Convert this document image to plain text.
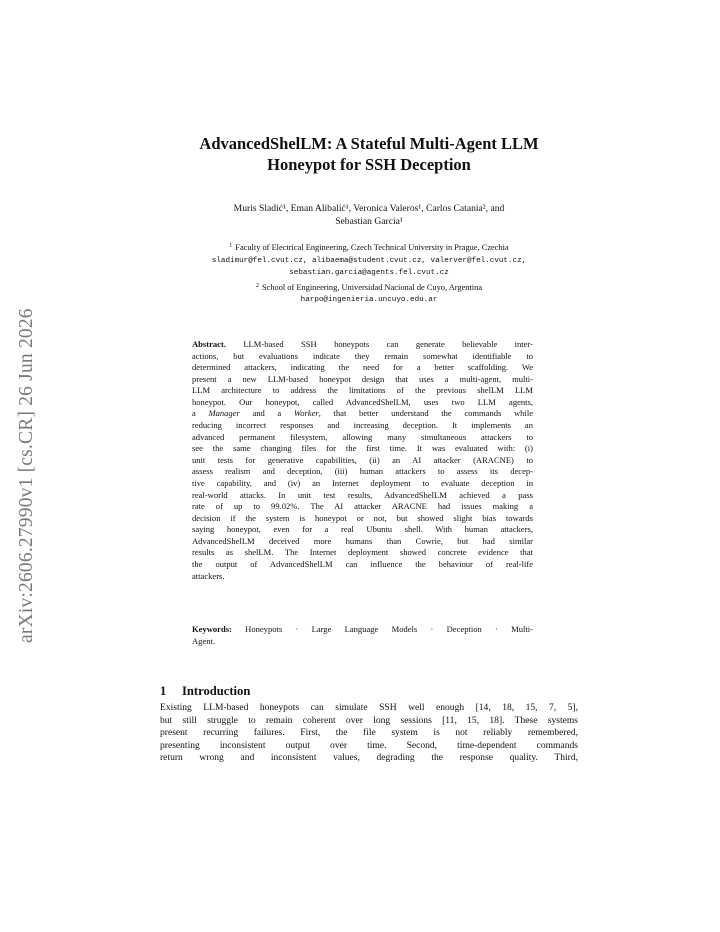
arXiv:2606.27990v1 [cs.CR] 26 Jun 2026
AdvancedShelLM: A Stateful Multi-Agent LLM
Honeypot for SSH Deception
Muris Sladić¹, Eman Alibalić¹, Veronica Valeros¹, Carlos Catania², and
Sebastian Garcia¹
$^1$ Faculty of Electrical Engineering, Czech Technical University in Prague, Czechia
sladimur@fel.cvut.cz, alibaema@student.cvut.cz, valerver@fel.cvut.cz,
sebastian.garcia@agents.fel.cvut.cz
$^2$ School of Engineering, Universidad Nacional de Cuyo, Argentina
harpo@ingenieria.uncuyo.edu.ar
Abstract. LLM-based SSH honeypots can generate believable inter-
actions, but evaluations indicate they remain somewhat identifiable to
determined attackers, indicating the need for a better scaffolding. We
present a new LLM-based honeypot design that uses a multi-agent, multi-
LLM architecture to address the limitations of the previous shelLM LLM
honeypot. Our honeypot, called AdvancedShelLM, uses two LLM agents,
a Manager and a Worker, that better understand the commands while
reducing incorrect responses and increasing deception. It implements an
advanced permanent filesystem, allowing many simultaneous attackers to
see the same changing files for the first time. It was evaluated with: (i)
unit tests for generative capabilities, (ii) an AI attacker (ARACNE) to
assess realism and deception, (iii) human attackers to assess its decep-
tive capability, and (iv) an Internet deployment to evaluate deception in
real-world attacks. In unit test results, AdvancedShelLM achieved a pass
rate of up to 99.02%. The AI attacker ARACNE had issues making a
decision if the system is honeypot or not, but showed slight bias towards
saying honeypot, even for a real Ubuntu shell. With human attackers,
AdvancedShelLM deceived more humans than Cowrie, but had similar
results as shelLM. The Internet deployment showed concrete evidence that
the output of AdvancedShelLM can influence the behaviour of real-life
attackers.
Keywords: Honeypots · Large Language Models · Deception · Multi-
Agent.
1 Introduction
Existing LLM-based honeypots can simulate SSH well enough [14, 18, 15, 7, 5],
but still struggle to remain coherent over long sessions [11, 15, 18]. These systems
present recurring failures. First, the file system is not reliably remembered,
presenting inconsistent output over time. Second, time-dependent commands
return wrong and inconsistent values, degrading the response quality. Third,
